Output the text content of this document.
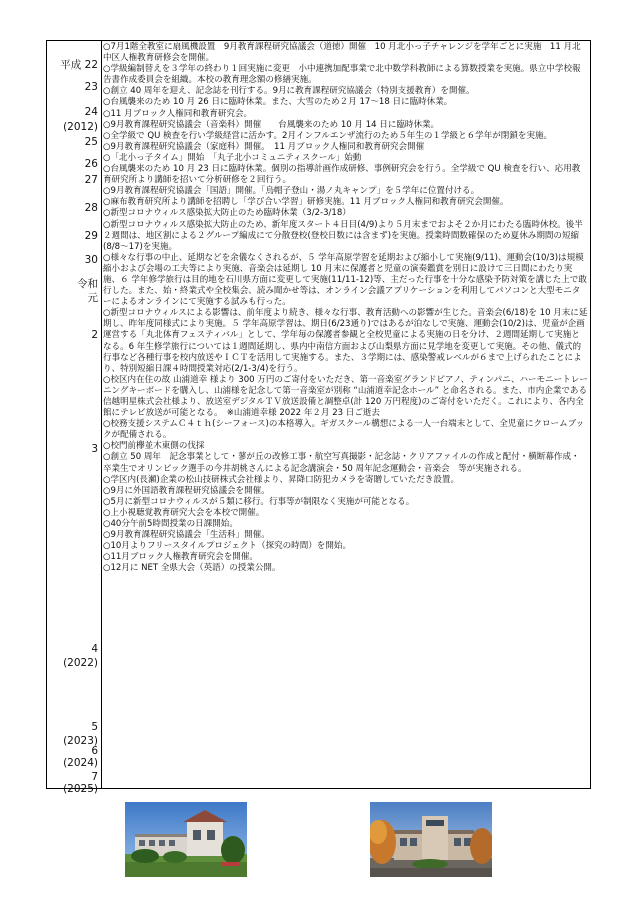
平成 22
23
24
(2012)
25
26
27
28
29
30
令和
元
2
3
4
(2022)
5
(2023)
6
(2024)
7
(2025)

○7月1階全教室に扇風機設置　9月教育課程研究協議会（道徳）開催　10 月北小っ子チャレンジを学年ごとに実施　11 月北中区人権教育研修会を開催。

○学級編制替えを３学年の終わり１回実施に変更　小中連携加配事業で北中数学科教師による算数授業を実施。県立中学校報告書作成委員会を組織。本校の教育理念額の修繕実施。

○創立 40 周年を迎え、記念誌を刊行する。9月に教育課程研究協議会（特別支援教育）を開催。

○台風襲来のため 10 月 26 日に臨時休業。また、大雪のため２月 17～18 日に臨時休業。

○11 月ブロック人権同和教育研究会。

○9月教育課程研究協議会（音楽科）開催　　台風襲来のため 10 月 14 日に臨時休業。

○全学級で QU 検査を行い学級経営に活かす。2月インフルエンザ流行のため５年生の１学級と６学年が閉鎖を実施。

○9月教育課程研究協議会（家庭科）開催。　11 月ブロック人権同和教育研究会開催

○「北小っ子タイム」開始　「丸子北小コミュニティスクール」始動

○台風襲来のため 10 月 23 日に臨時休業。個別の指導計画作成研修、事例研究会を行う。全学級で QU 検査を行い、応用教育研究所より講師を招いて分析研修を２回行う。

○9月教育課程研究協議会「国語」開催。「烏帽子登山・湯ノ丸キャンプ」を５学年に位置付ける。

○麻布教育研究所より講師を招聘し「学び合い学習」研修実施。11 月ブロック人権同和教育研究会開催。

○新型コロナウィルス感染拡大防止のため臨時休業（3/2-3/18）

○新型コロナウィルス感染拡大防止のため、新年度スタート４日目(4/9)より５月末までおよそ２か月にわたる臨時休校。後半２週間は、地区割による２グループ編成にて分散登校(登校日数には含まず)を実施。授業時間数確保のため夏休み期間の短縮(8/8～17)を実施。

○様々な行事の中止、延期などを余儀なくされるが、５ 学年高原学習を延期および縮小して実施(9/11)、運動会(10/3)は規模縮小および会場の工夫等により実施、音楽会は延期し 10 月末に保護者と児童の演奏鑑賞を別日に設けて三日間にわたり実施、６ 学年修学旅行は目的地を石川県方面に変更して実施(11/11-12)等、主だった行事を十分な感染予防対策を講じた上で敢行した。また、始・終業式や全校集会、読み聞かせ等は、オンライン会議アプリケーションを利用してパソコンと大型モニターによるオンラインにて実施する試みも行った。

○新型コロナウィルスによる影響は、前年度より続き、様々な行事、教育活動への影響が生じた。音楽会(6/18)を 10 月末に延期し、昨年度同様式により実施。５ 学年高原学習は、期日(6/23通り)ではあるが泊なしで実施、運動会(10/2)は、児童が企画運営する「丸北体育フェスティバル」として、学年毎の保護者参観と全校児童による実施の日を分け、２週間延期して実施となる。6 年生修学旅行については１週間延期し、県内中南信方面および山梨県方面に見学地を変更して実施。その他、儀式的行事など各種行事を校内放送やＩＣＴを活用して実施する。また、３学期には、感染警戒レベルが６まで上げられたことにより、特別短縮日課４時間授業対応(2/1-3/4)を行う。

○校区内在住の故 山浦道幸 様より 300 万円のご寄付をいただき、第一音楽室グランドピアノ、ティンパニ、ハーモニートレーニングキーボードを購入し、山浦様を記念して第一音楽室が別称 “山浦道幸記念ホール” と命名される。また、市内企業である信越明星株式会社様より、放送室デジタルＴＶ放送設備と調整卓(計 120 万円程度)のご寄付をいただく。これにより、各内全館にテレビ放送が可能となる。　※山浦道幸様 2022 年２月 23 日ご逝去

○校務支援システムＣ４ｔｈ(シーフォース)の本格導入。ギガスクール構想による一人一台端末として、全児童にクロームブックが配備される。

○校門前欅並木東側の伐採

○創立 50 周年　記念事業として・蓼が丘の改修工事・航空写真撮影・記念誌・クリアファイルの作成と配付・横断幕作成・卒業生でオリンピック選手の今井胡桃さんによる記念講演会・50 周年記念運動会・音楽会　等が実施される。

○学区内(長瀬)企業の松山技研株式会社様より、昇降口防犯カメラを寄贈していただき設置。

○9月に外国語教育課程研究協議会を開催。

○5月に新型コロナウィルスが５類に移行。行事等が制限なく実施が可能となる。

○上小視聴覚教育研究大会を本校で開催。

○40分午前5時間授業の日課開始。

○9月教育課程研究協議会「生活科」開催。

○10月よりフリースタイルプロジェクト（探究の時間）を開始。

○11月ブロック人権教育研究会を開催。

○12月に NET 全県大会（英語）の授業公開。
